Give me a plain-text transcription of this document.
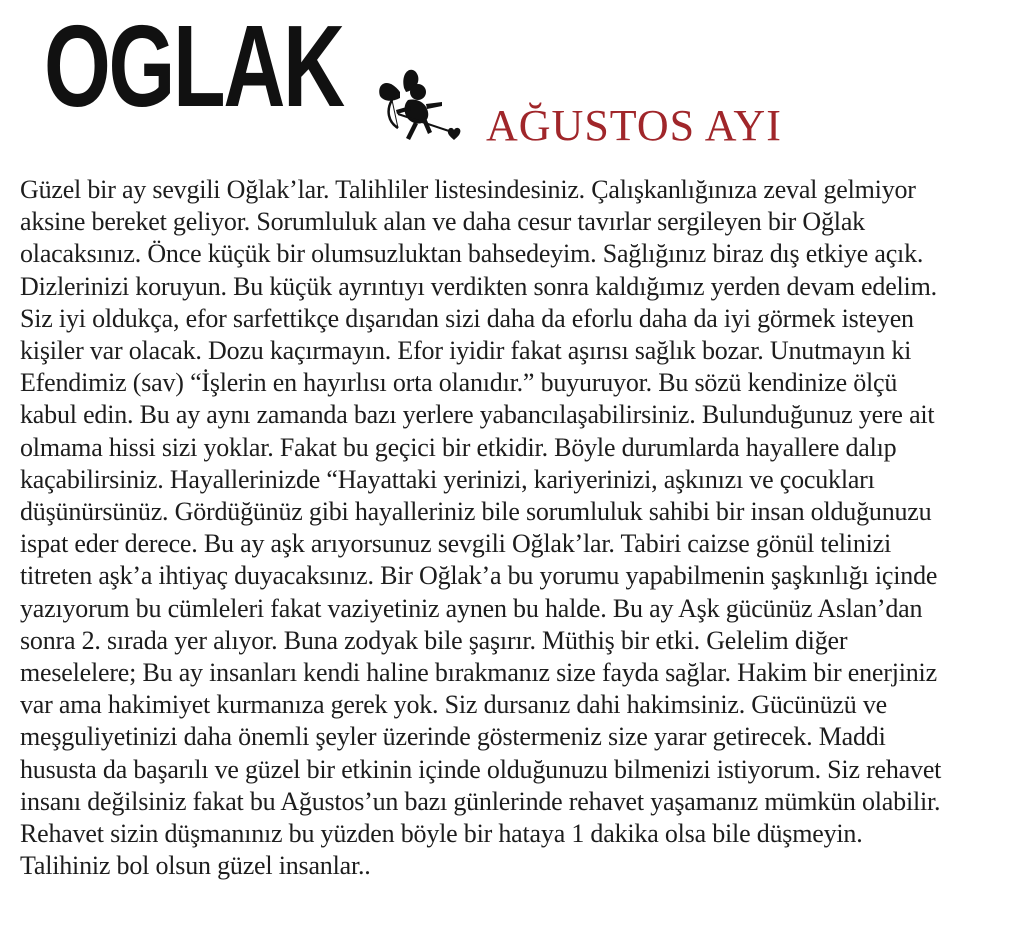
OGLAK	AĞUSTOS AYI
Güzel bir ay sevgili Oğlak’lar. Talihliler listesindesiniz. Çalışkanlığınıza zeval gelmiyor
aksine bereket geliyor. Sorumluluk alan ve daha cesur tavırlar sergileyen bir Oğlak
olacaksınız. Önce küçük bir olumsuzluktan bahsedeyim. Sağlığınız biraz dış etkiye açık.
Dizlerinizi koruyun. Bu küçük ayrıntıyı verdikten sonra kaldığımız yerden devam edelim.
Siz iyi oldukça, efor sarfettikçe dışarıdan sizi daha da eforlu daha da iyi görmek isteyen
kişiler var olacak. Dozu kaçırmayın. Efor iyidir fakat aşırısı sağlık bozar. Unutmayın ki
Efendimiz (sav) “İşlerin en hayırlısı orta olanıdır.” buyuruyor. Bu sözü kendinize ölçü
kabul edin. Bu ay aynı zamanda bazı yerlere yabancılaşabilirsiniz. Bulunduğunuz yere ait
olmama hissi sizi yoklar. Fakat bu geçici bir etkidir. Böyle durumlarda hayallere dalıp
kaçabilirsiniz. Hayallerinizde “Hayattaki yerinizi, kariyerinizi, aşkınızı ve çocukları
düşünürsünüz. Gördüğünüz gibi hayalleriniz bile sorumluluk sahibi bir insan olduğunuzu
ispat eder derece. Bu ay aşk arıyorsunuz sevgili Oğlak’lar. Tabiri caizse gönül telinizi
titreten aşk’a ihtiyaç duyacaksınız. Bir Oğlak’a bu yorumu yapabilmenin şaşkınlığı içinde
yazıyorum bu cümleleri fakat vaziyetiniz aynen bu halde. Bu ay Aşk gücünüz Aslan’dan
sonra 2. sırada yer alıyor. Buna zodyak bile şaşırır. Müthiş bir etki. Gelelim diğer
meselelere; Bu ay insanları kendi haline bırakmanız size fayda sağlar. Hakim bir enerjiniz
var ama hakimiyet kurmanıza gerek yok. Siz dursanız dahi hakimsiniz. Gücünüzü ve
meşguliyetinizi daha önemli şeyler üzerinde göstermeniz size yarar getirecek. Maddi
hususta da başarılı ve güzel bir etkinin içinde olduğunuzu bilmenizi istiyorum. Siz rehavet
insanı değilsiniz fakat bu Ağustos’un bazı günlerinde rehavet yaşamanız mümkün olabilir.
Rehavet sizin düşmanınız bu yüzden böyle bir hataya 1 dakika olsa bile düşmeyin.
Talihiniz bol olsun güzel insanlar..
